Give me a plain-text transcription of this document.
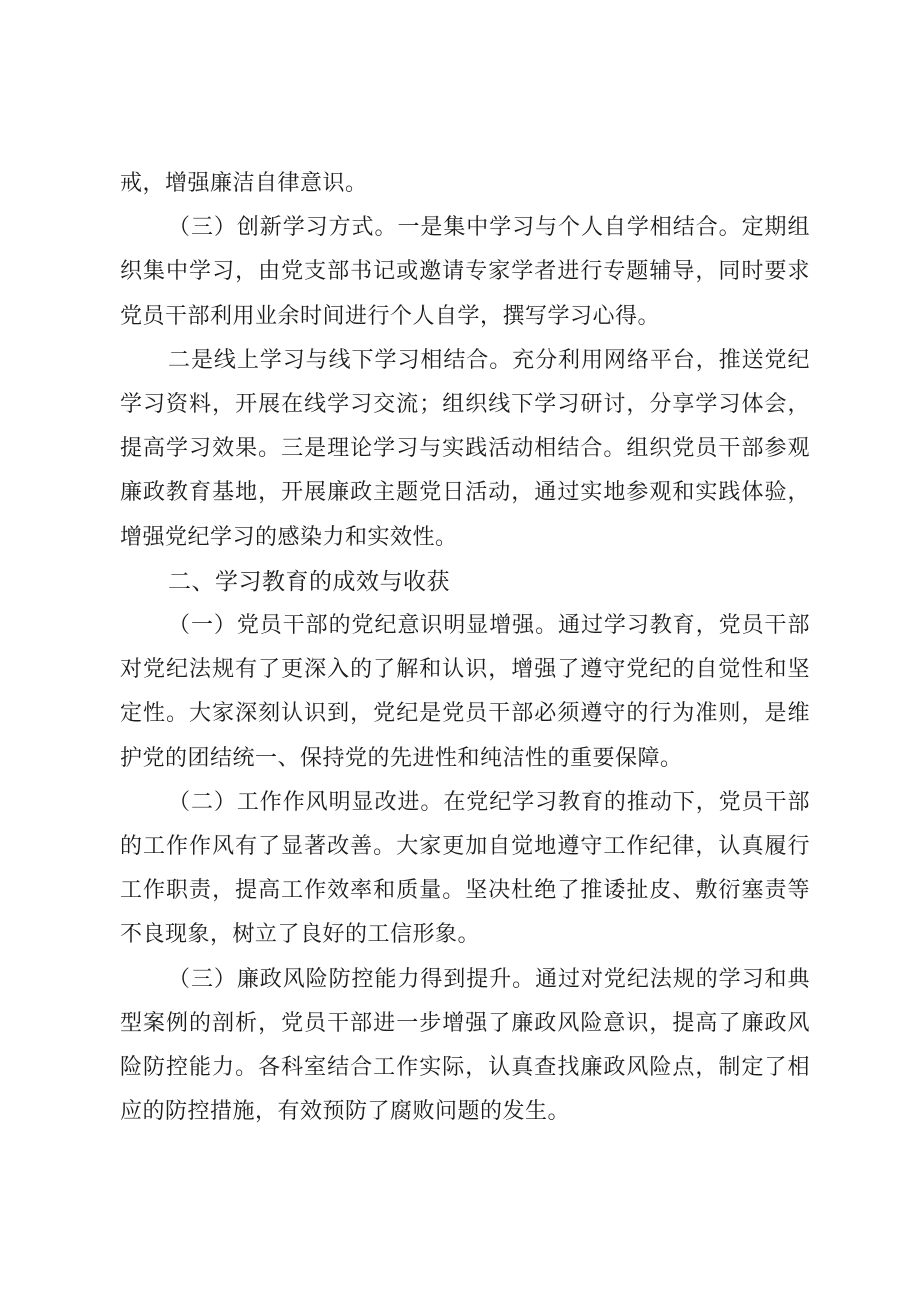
戒，增强廉洁自律意识。

（三）创新学习方式。一是集中学习与个人自学相结合。定期组织集中学习，由党支部书记或邀请专家学者进行专题辅导，同时要求党员干部利用业余时间进行个人自学，撰写学习心得。

二是线上学习与线下学习相结合。充分利用网络平台，推送党纪学习资料，开展在线学习交流；组织线下学习研讨，分享学习体会，提高学习效果。三是理论学习与实践活动相结合。组织党员干部参观廉政教育基地，开展廉政主题党日活动，通过实地参观和实践体验，增强党纪学习的感染力和实效性。

二、学习教育的成效与收获

（一）党员干部的党纪意识明显增强。通过学习教育，党员干部对党纪法规有了更深入的了解和认识，增强了遵守党纪的自觉性和坚定性。大家深刻认识到，党纪是党员干部必须遵守的行为准则，是维护党的团结统一、保持党的先进性和纯洁性的重要保障。

（二）工作作风明显改进。在党纪学习教育的推动下，党员干部的工作作风有了显著改善。大家更加自觉地遵守工作纪律，认真履行工作职责，提高工作效率和质量。坚决杜绝了推诿扯皮、敷衍塞责等不良现象，树立了良好的工信形象。

（三）廉政风险防控能力得到提升。通过对党纪法规的学习和典型案例的剖析，党员干部进一步增强了廉政风险意识，提高了廉政风险防控能力。各科室结合工作实际，认真查找廉政风险点，制定了相应的防控措施，有效预防了腐败问题的发生。
